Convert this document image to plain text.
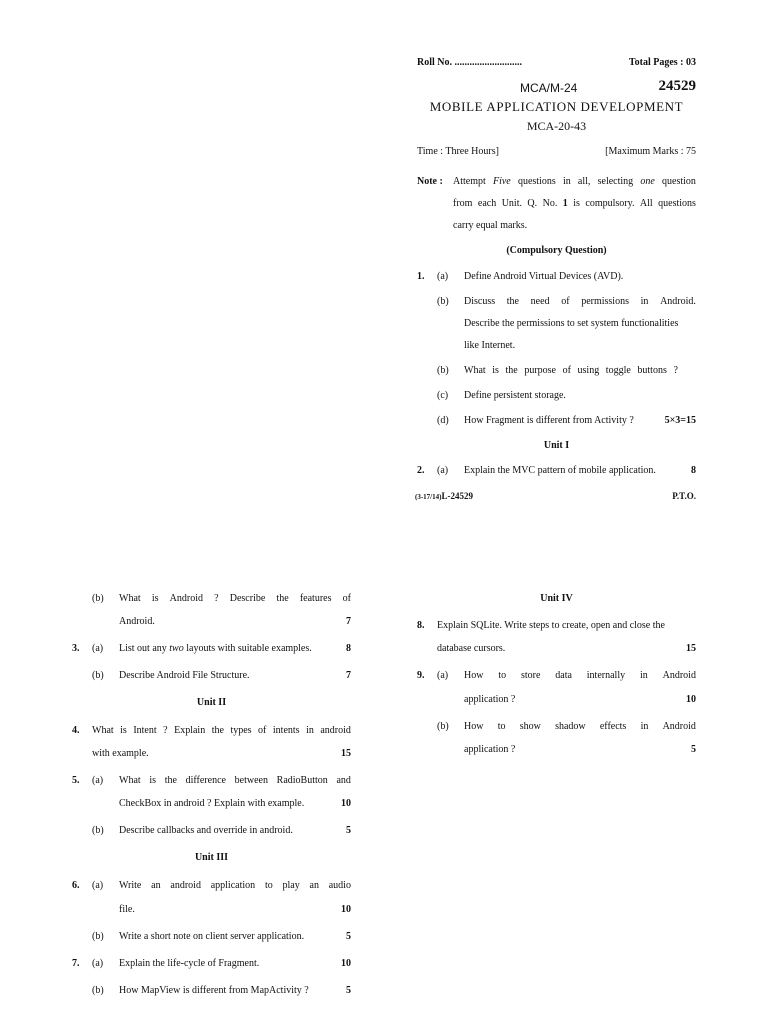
Roll No. ...........................	Total Pages : 03
MCA/M-24	24529
MOBILE APPLICATION DEVELOPMENT
MCA-20-43
Time : Three Hours]	[Maximum Marks : 75
Note : Attempt Five questions in all, selecting one question
from each Unit. Q. No. 1 is compulsory. All questions
carry equal marks.
(Compulsory Question)
1. (a) Define Android Virtual Devices (AVD).
(b) Discuss the need of permissions in Android.
Describe the permissions to set system functionalities
like Internet.
(b) What is the purpose of using toggle buttons ?
(c) Define persistent storage.
(d) How Fragment is different from Activity ?	5×3=15
Unit I
2. (a) Explain the MVC pattern of mobile application.	8
(3-17/14)L-24529	P.T.O.
(b) What is Android ? Describe the features of
Android.	7
3. (a) List out any two layouts with suitable examples.	8
(b) Describe Android File Structure.	7
Unit II
4. What is Intent ? Explain the types of intents in android
with example.	15
5. (a) What is the difference between RadioButton and
CheckBox in android ? Explain with example.	10
(b) Describe callbacks and override in android.	5
Unit III
6. (a) Write an android application to play an audio
file.	10
(b) Write a short note on client server application.	5
7. (a) Explain the life-cycle of Fragment.	10
(b) How MapView is different from MapActivity ?	5
Unit IV
8. Explain SQLite. Write steps to create, open and close the
database cursors.	15
9. (a) How to store data internally in Android
application ?	10
(b) How to show shadow effects in Android
application ?	5
